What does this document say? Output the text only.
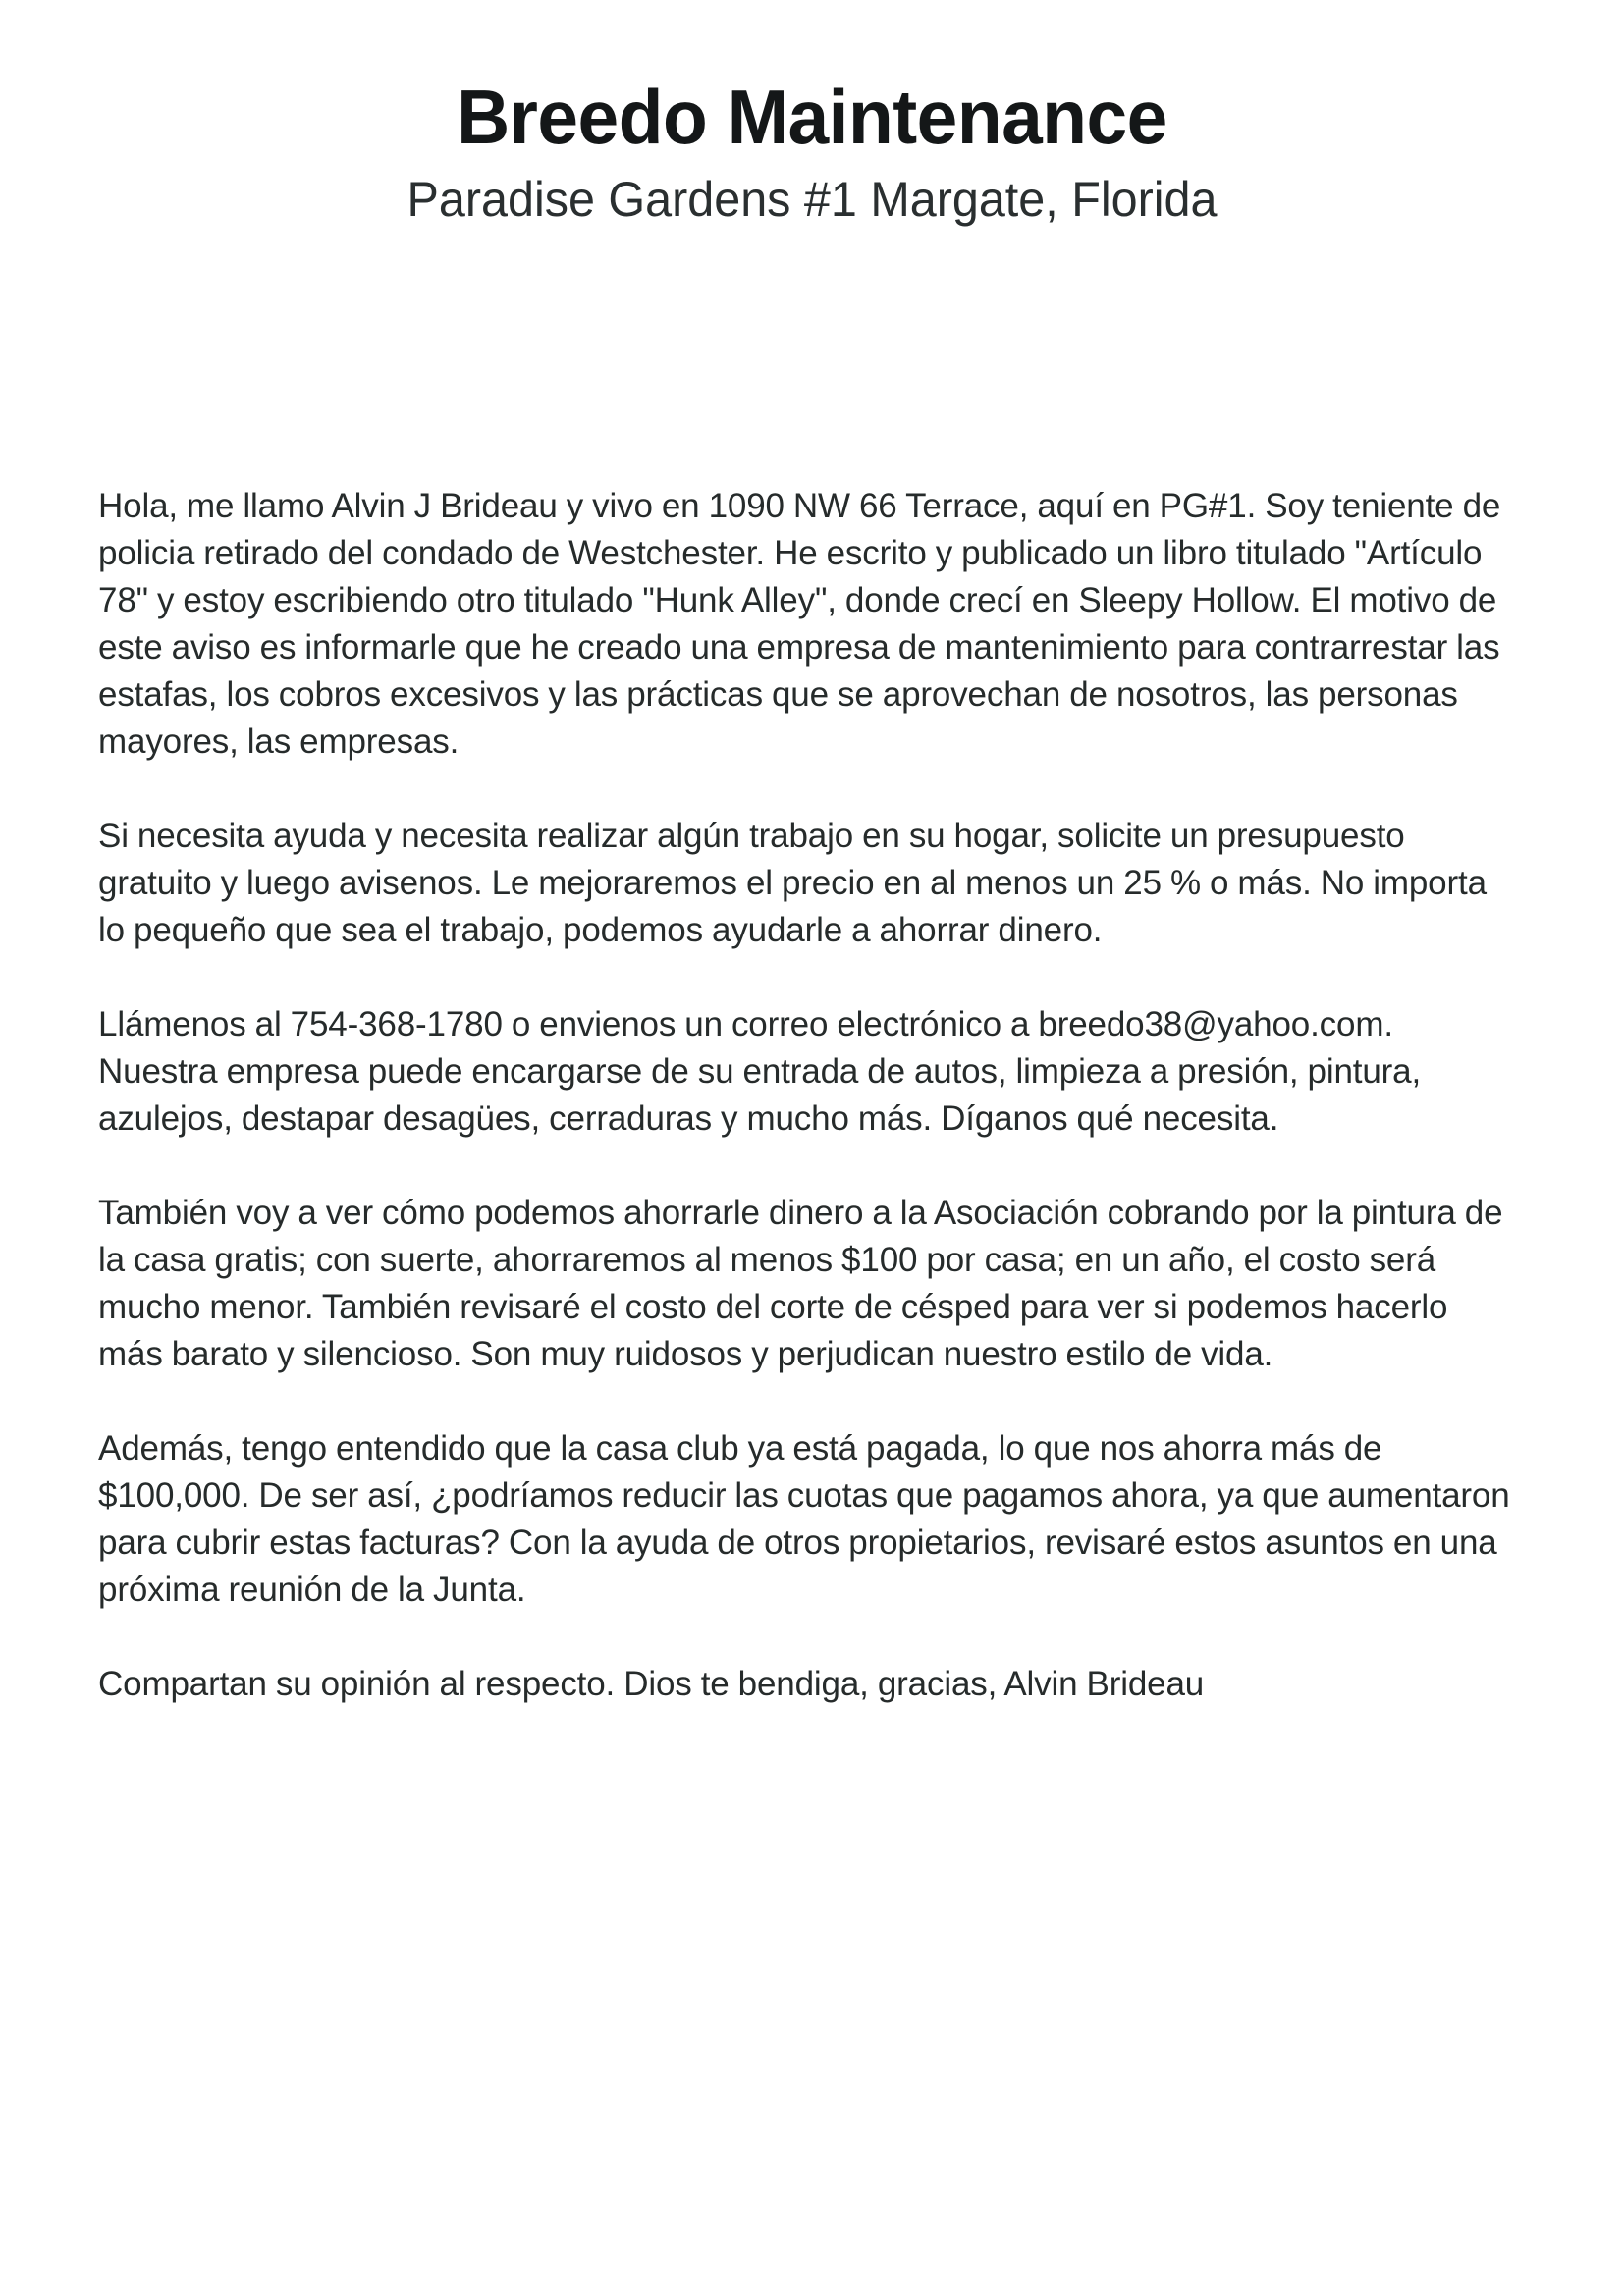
Breedo Maintenance
Paradise Gardens #1 Margate, Florida

Hola, me llamo Alvin J Brideau y vivo en 1090 NW 66 Terrace, aquí en PG#1. Soy teniente de policia retirado del condado de Westchester. He escrito y publicado un libro titulado "Artículo 78" y estoy escribiendo otro titulado "Hunk Alley", donde crecí en Sleepy Hollow. El motivo de este aviso es informarle que he creado una empresa de mantenimiento para contrarrestar las estafas, los cobros excesivos y las prácticas que se aprovechan de nosotros, las personas mayores, las empresas.

Si necesita ayuda y necesita realizar algún trabajo en su hogar, solicite un presupuesto gratuito y luego avisenos. Le mejoraremos el precio en al menos un 25 % o más. No importa lo pequeño que sea el trabajo, podemos ayudarle a ahorrar dinero.

Llámenos al 754-368-1780 o envienos un correo electrónico a breedo38@yahoo.com. Nuestra empresa puede encargarse de su entrada de autos, limpieza a presión, pintura, azulejos, destapar desagües, cerraduras y mucho más. Díganos qué necesita.

También voy a ver cómo podemos ahorrarle dinero a la Asociación cobrando por la pintura de la casa gratis; con suerte, ahorraremos al menos $100 por casa; en un año, el costo será mucho menor. También revisaré el costo del corte de césped para ver si podemos hacerlo más barato y silencioso. Son muy ruidosos y perjudican nuestro estilo de vida.

Además, tengo entendido que la casa club ya está pagada, lo que nos ahorra más de $100,000. De ser así, ¿podríamos reducir las cuotas que pagamos ahora, ya que aumentaron para cubrir estas facturas? Con la ayuda de otros propietarios, revisaré estos asuntos en una próxima reunión de la Junta.

Compartan su opinión al respecto. Dios te bendiga, gracias, Alvin Brideau
